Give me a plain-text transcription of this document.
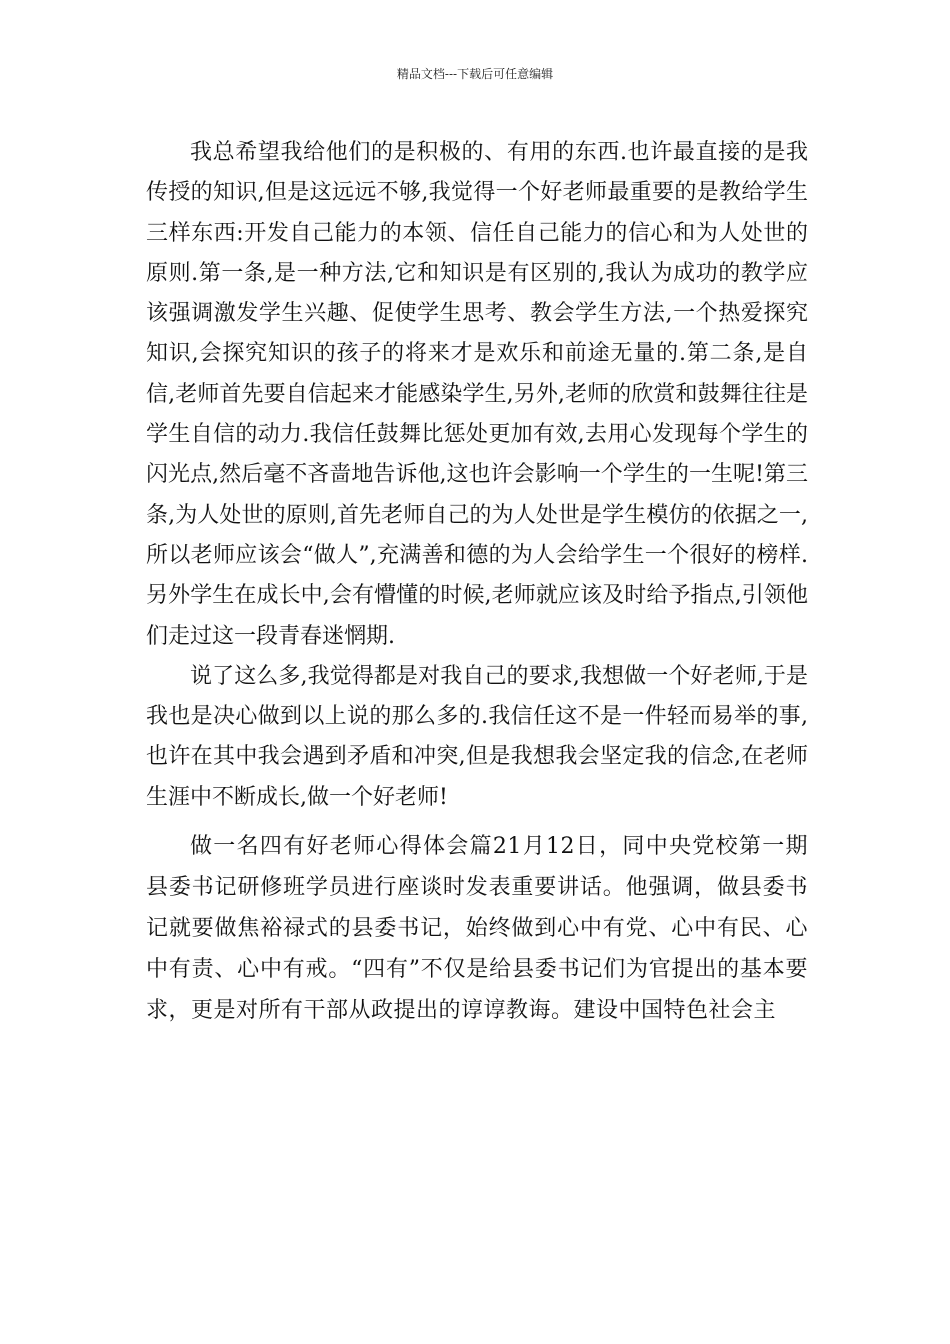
精品文档---下载后可任意编辑

我总希望我给他们的是积极的、有用的东西.也许最直接的是我传授的知识,但是这远远不够,我觉得一个好老师最重要的是教给学生三样东西:开发自己能力的本领、信任自己能力的信心和为人处世的原则.第一条,是一种方法,它和知识是有区别的,我认为成功的教学应该强调激发学生兴趣、促使学生思考、教会学生方法,一个热爱探究知识,会探究知识的孩子的将来才是欢乐和前途无量的.第二条,是自信,老师首先要自信起来才能感染学生,另外,老师的欣赏和鼓舞往往是学生自信的动力.我信任鼓舞比惩处更加有效,去用心发现每个学生的闪光点,然后毫不吝啬地告诉他,这也许会影响一个学生的一生呢!第三条,为人处世的原则,首先老师自己的为人处世是学生模仿的依据之一,所以老师应该会“做人”,充满善和德的为人会给学生一个很好的榜样.另外学生在成长中,会有懵懂的时候,老师就应该及时给予指点,引领他们走过这一段青春迷惘期.

说了这么多,我觉得都是对我自己的要求,我想做一个好老师,于是我也是决心做到以上说的那么多的.我信任这不是一件轻而易举的事,也许在其中我会遇到矛盾和冲突,但是我想我会坚定我的信念,在老师生涯中不断成长,做一个好老师!

做一名四有好老师心得体会篇21月12日，同中央党校第一期县委书记研修班学员进行座谈时发表重要讲话。他强调，做县委书记就要做焦裕禄式的县委书记，始终做到心中有党、心中有民、心中有责、心中有戒。“四有”不仅是给县委书记们为官提出的基本要求，更是对所有干部从政提出的谆谆教诲。建设中国特色社会主
